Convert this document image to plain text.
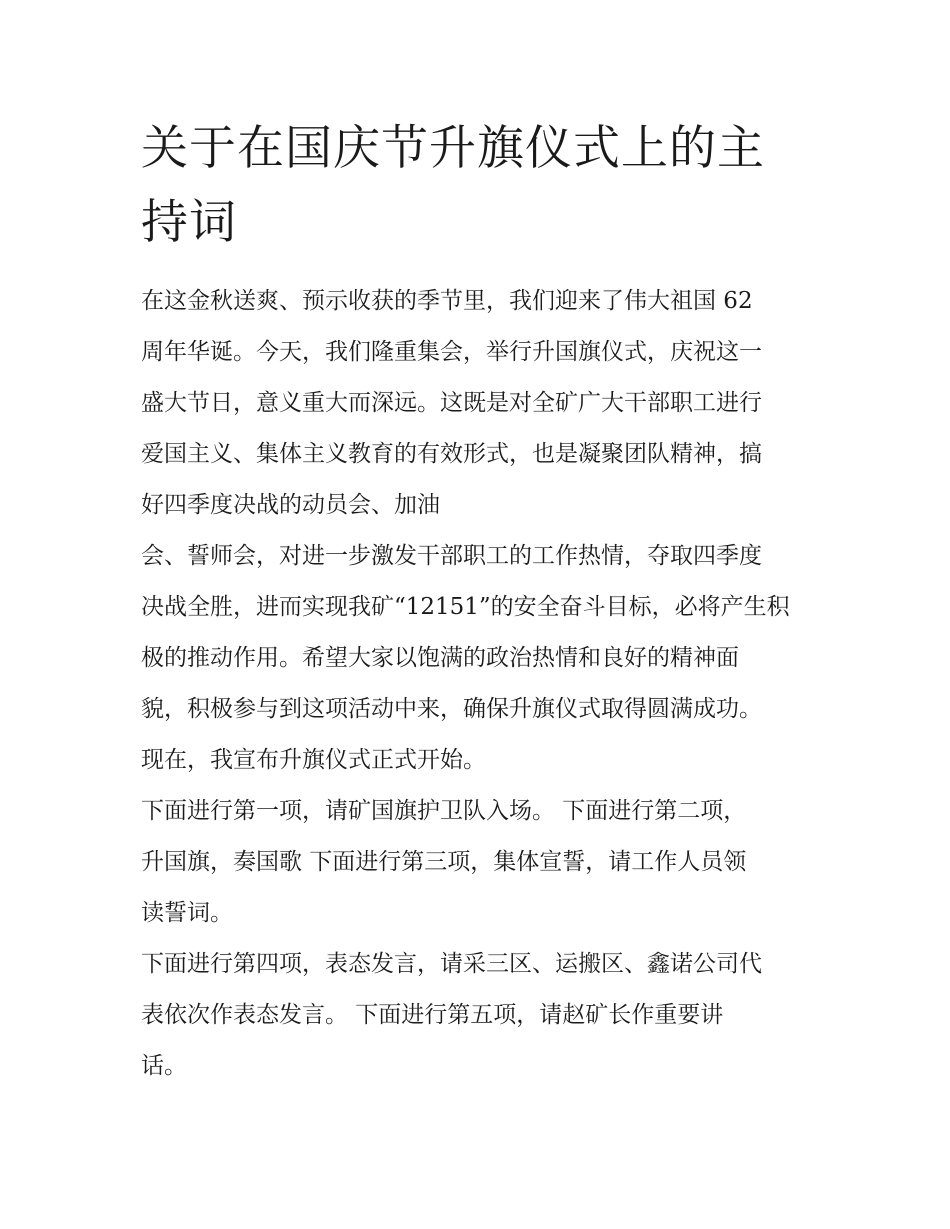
关于在国庆节升旗仪式上的主
持词
在这金秋送爽、预示收获的季节里，我们迎来了伟大祖国 62
周年华诞。今天，我们隆重集会，举行升国旗仪式，庆祝这一
盛大节日，意义重大而深远。这既是对全矿广大干部职工进行
爱国主义、集体主义教育的有效形式，也是凝聚团队精神，搞
好四季度决战的动员会、加油
会、誓师会，对进一步激发干部职工的工作热情，夺取四季度
决战全胜，进而实现我矿“12151”的安全奋斗目标，必将产生积
极的推动作用。希望大家以饱满的政治热情和良好的精神面
貌，积极参与到这项活动中来，确保升旗仪式取得圆满成功。
现在，我宣布升旗仪式正式开始。
下面进行第一项，请矿国旗护卫队入场。 下面进行第二项，
升国旗，奏国歌 下面进行第三项，集体宣誓，请工作人员领
读誓词。
下面进行第四项，表态发言，请采三区、运搬区、鑫诺公司代
表依次作表态发言。 下面进行第五项，请赵矿长作重要讲
话。
